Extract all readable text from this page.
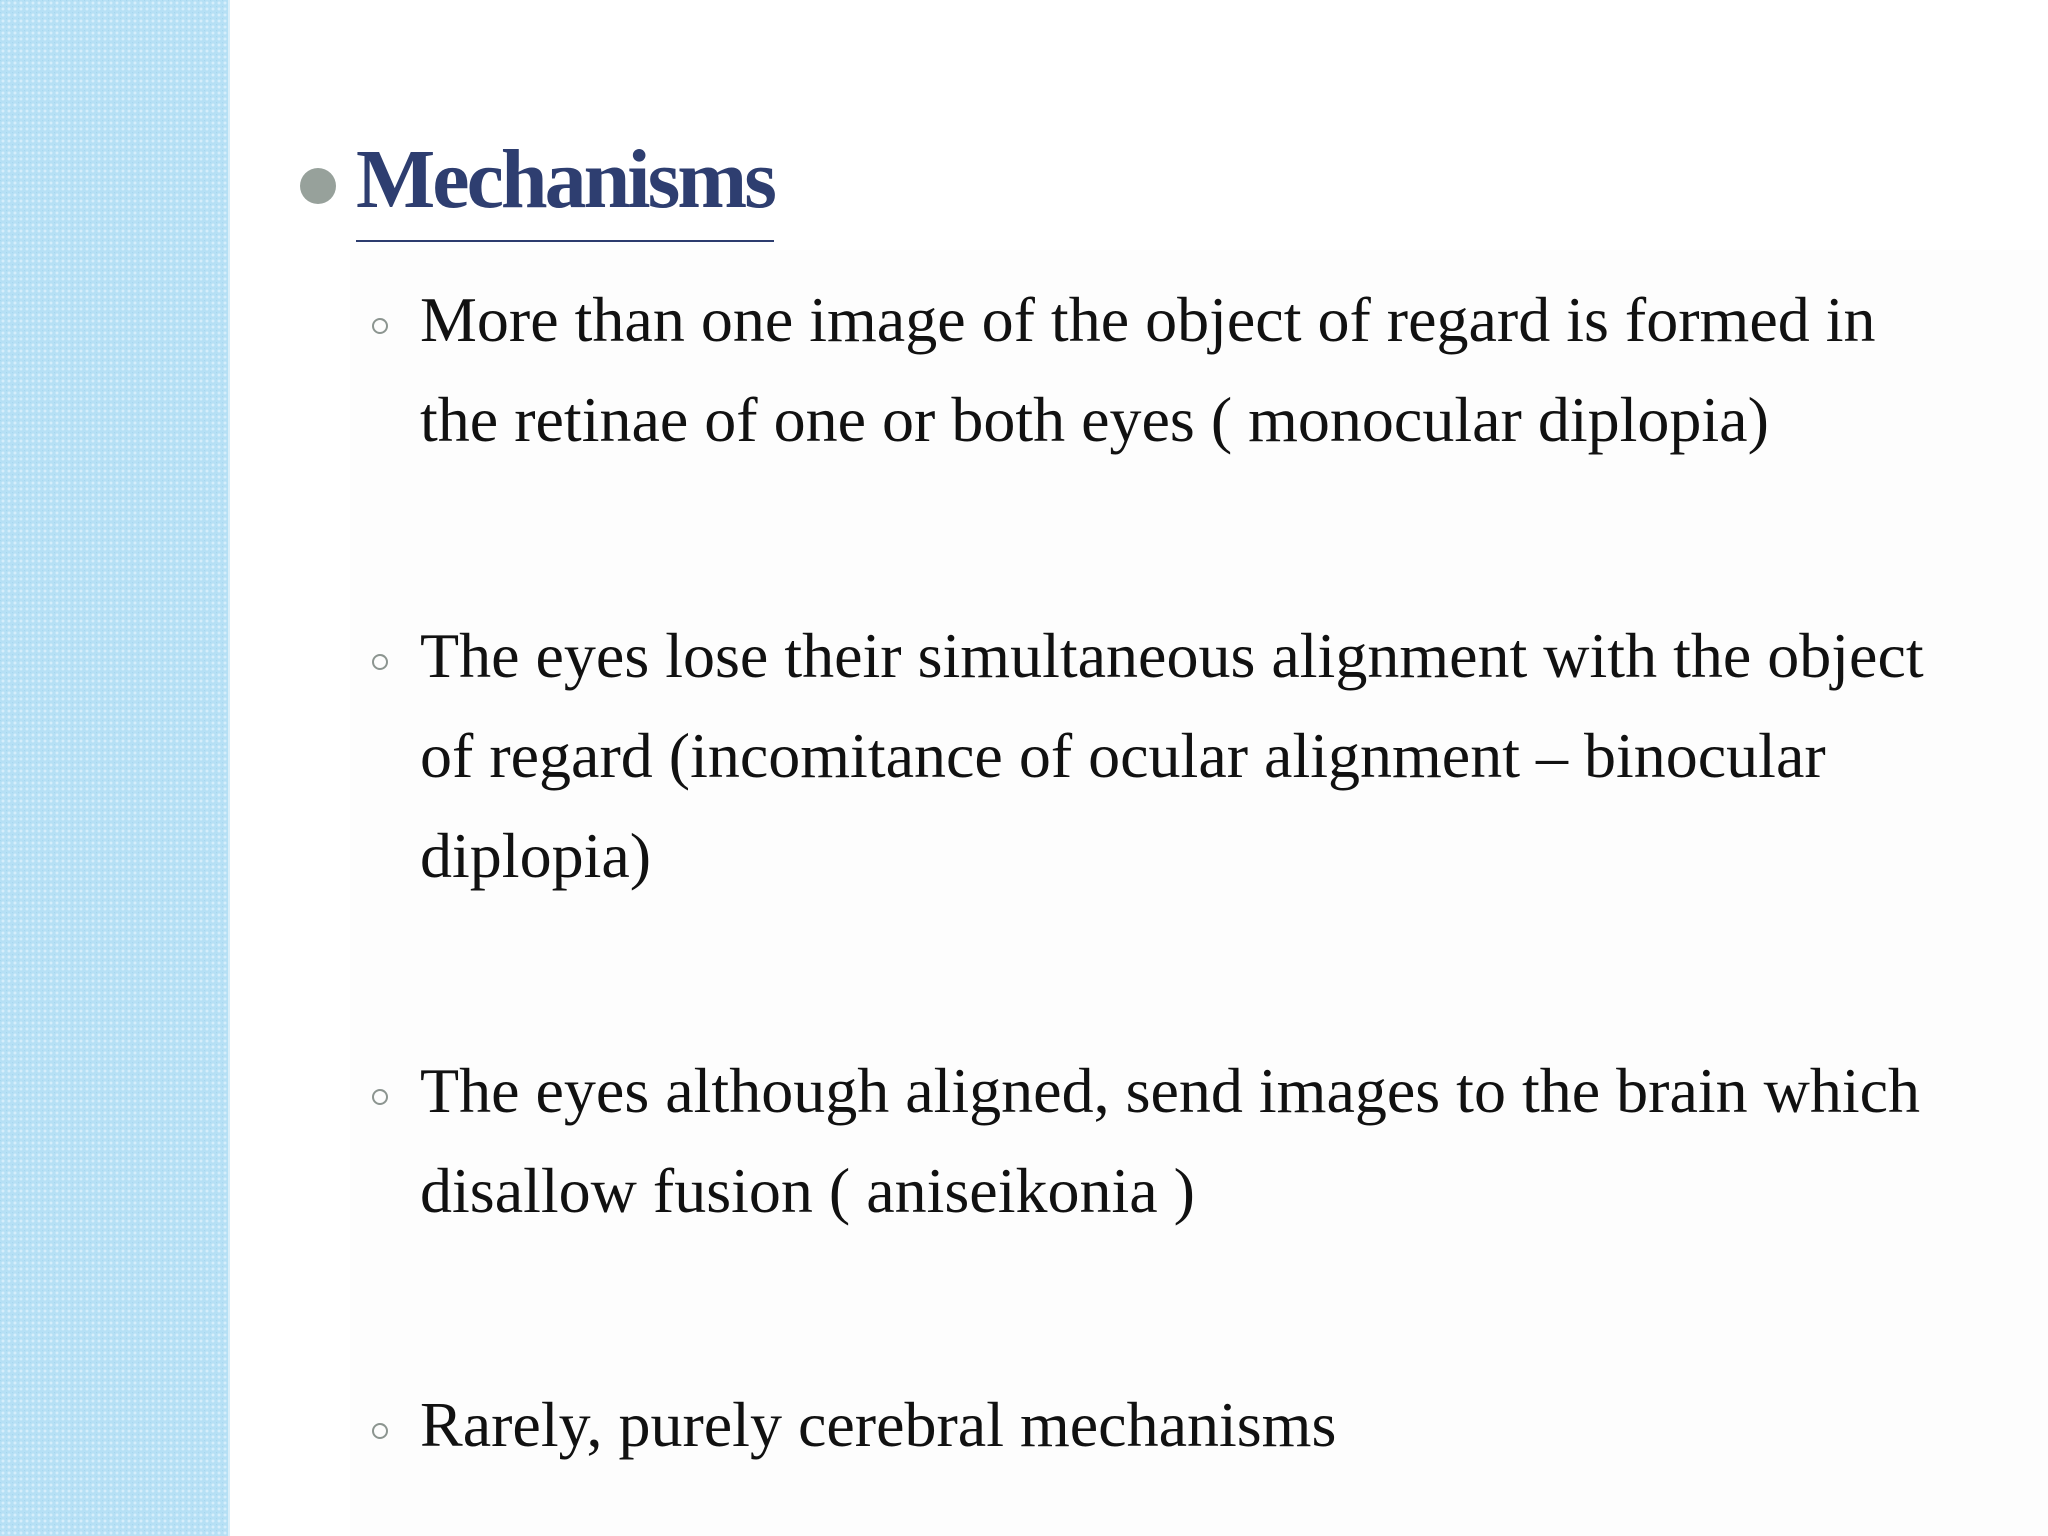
Mechanisms
More than one image of the object of regard is formed in the retinae of one or both eyes ( monocular diplopia)
The eyes lose their simultaneous alignment with the object of regard (incomitance of ocular alignment – binocular diplopia)
The eyes although aligned, send images to the brain which disallow fusion ( aniseikonia )
Rarely, purely cerebral mechanisms
